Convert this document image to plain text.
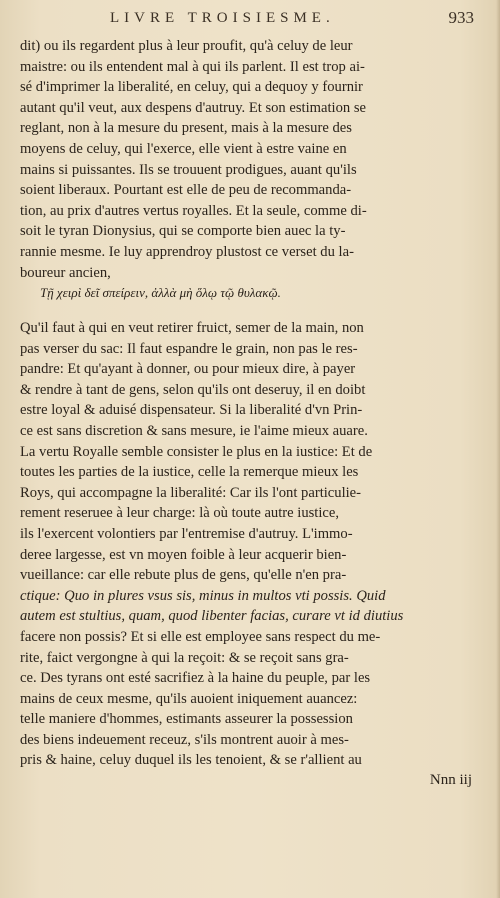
LIVRE TROISIESME.	933
dit) ou ils regardent plus à leur proufit, qu'à celuy de leur
maistre: ou ils entendent mal à qui ils parlent. Il est trop ai-
sé d'imprimer la liberalité, en celuy, qui a dequoy y fournir
autant qu'il veut, aux despens d'autruy. Et son estimation se
reglant, non à la mesure du present, mais à la mesure des
moyens de celuy, qui l'exerce, elle vient à estre vaine en
mains si puissantes. Ils se trouuent prodigues, auant qu'ils
soient liberaux. Pourtant est elle de peu de recommanda-
tion, au prix d'autres vertus royalles. Et la seule, comme di-
soit le tyran Dionysius, qui se comporte bien auec la ty-
rannie mesme. Ie luy apprendroy plustost ce verset du la-
boureur ancien,
Τῇ χειρὶ δεῖ σπείρειν, ἀλλὰ μὴ ὅλῳ τῷ θυλακῷ.
Qu'il faut à qui en veut retirer fruict, semer de la main, non
pas verser du sac: Il faut espandre le grain, non pas le res-
pandre: Et qu'ayant à donner, ou pour mieux dire, à payer
& rendre à tant de gens, selon qu'ils ont deseruy, il en doibt
estre loyal & aduisé dispensateur. Si la liberalité d'vn Prin-
ce est sans discretion & sans mesure, ie l'aime mieux auare.
La vertu Royalle semble consister le plus en la iustice: Et de
toutes les parties de la iustice, celle la remerque mieux les
Roys, qui accompagne la liberalité: Car ils l'ont particulie-
rement reseruee à leur charge: là où toute autre iustice,
ils l'exercent volontiers par l'entremise d'autruy. L'immo-
deree largesse, est vn moyen foible à leur acquerir bien-
vueillance: car elle rebute plus de gens, qu'elle n'en pra-
ctique: Quo in plures vsus sis, minus in multos vti possis. Quid
autem est stultius, quam, quod libenter facias, curare vt id diutius
facere non possis? Et si elle est employee sans respect du me-
rite, faict vergongne à qui la reçoit: & se reçoit sans gra-
ce. Des tyrans ont esté sacrifiez à la haine du peuple, par les
mains de ceux mesme, qu'ils auoient iniquement auancez:
telle maniere d'hommes, estimants asseurer la possession
des biens indeuement receuz, s'ils montrent auoir à mes-
pris & haine, celuy duquel ils les tenoient, & se r'allient au
Nnn iij
